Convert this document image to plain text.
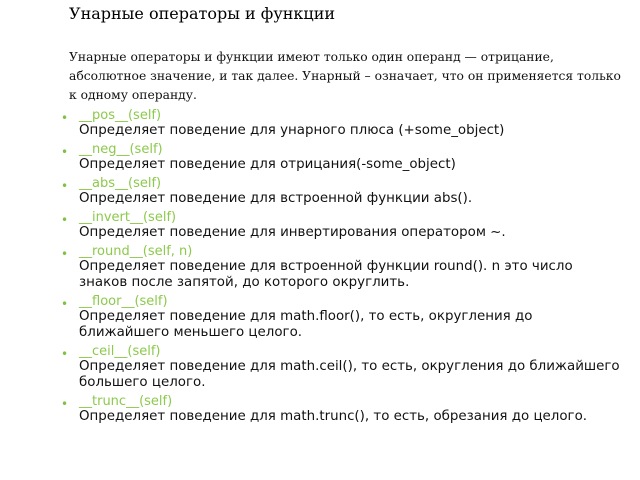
Унарные операторы и функции
Унарные операторы и функции имеют только один операнд — отрицание, абсолютное значение, и так далее. Унарный – означает, что он применяется только к одному операнду.
• __pos__(self)
Определяет поведение для унарного плюса (+some_object)
• __neg__(self)
Определяет поведение для отрицания(-some_object)
• __abs__(self)
Определяет поведение для встроенной функции abs().
• __invert__(self)
Определяет поведение для инвертирования оператором ~.
• __round__(self, n)
Определяет поведение для встроенной функции round(). n это число знаков после запятой, до которого округлить.
• __floor__(self)
Определяет поведение для math.floor(), то есть, округления до ближайшего меньшего целого.
• __ceil__(self)
Определяет поведение для math.ceil(), то есть, округления до ближайшего большего целого.
• __trunc__(self)
Определяет поведение для math.trunc(), то есть, обрезания до целого.
